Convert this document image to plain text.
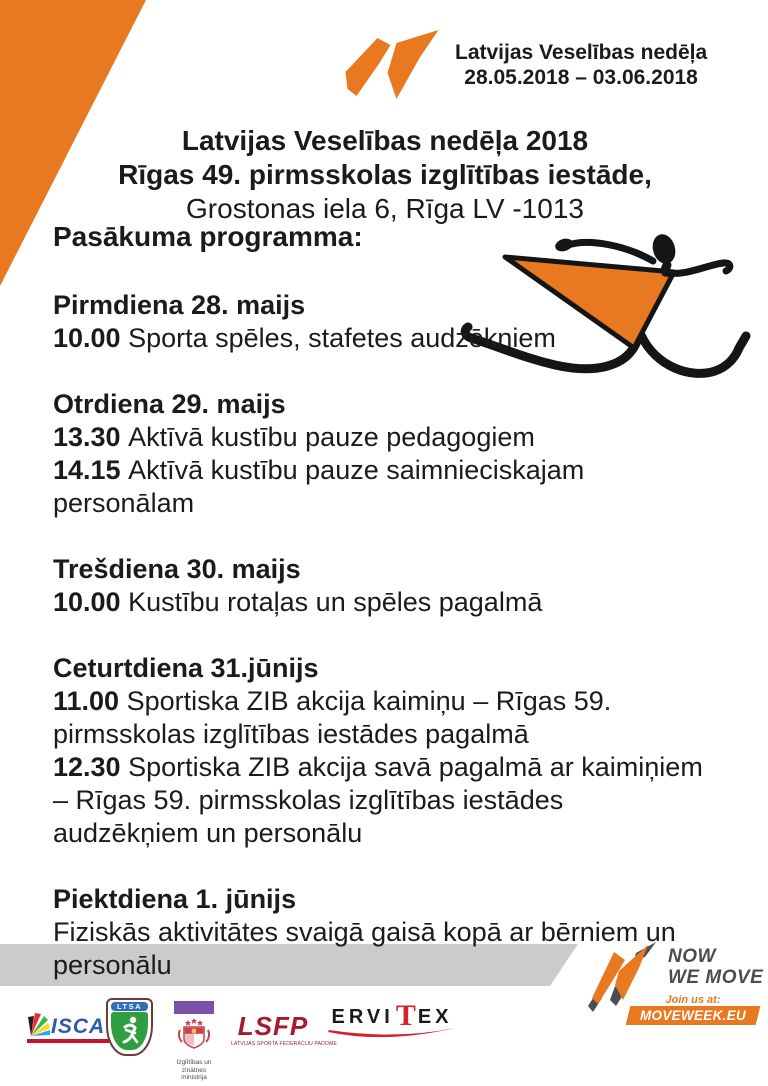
Latvijas Veselības nedēļa
28.05.2018 – 03.06.2018
Latvijas Veselības nedēļa 2018
Rīgas 49. pirmsskolas izglītības iestāde,
Grostonas iela 6, Rīga LV -1013
Pasākuma programma:
Pirmdiena 28. maijs
10.00 Sporta spēles, stafetes audzēkņiem
Otrdiena 29. maijs
13.30 Aktīvā kustību pauze pedagogiem
14.15 Aktīvā kustību pauze saimnieciskajam personālam
Trešdiena 30. maijs
10.00 Kustību rotaļas un spēles pagalmā
Ceturtdiena 31.jūnijs
11.00 Sportiska ZIB akcija kaimiņu – Rīgas 59. pirmsskolas izglītības iestādes pagalmā
12.30 Sportiska ZIB akcija savā pagalmā ar kaimiņiem – Rīgas 59. pirmsskolas izglītības iestādes audzēkņiem un personālu
Piektdiena 1. jūnijs
Fiziskās aktivitātes svaigā gaisā kopā ar bērniem un personālu	NOW
WE MOVE
Join us at:
MOVEWEEK.EU
ISCA
LTSA
Izglītības un zinātnes
ministrija
LSFP
LATVIJAS SPORTA FEDERĀCIJU PADOME
ERVI T EX
